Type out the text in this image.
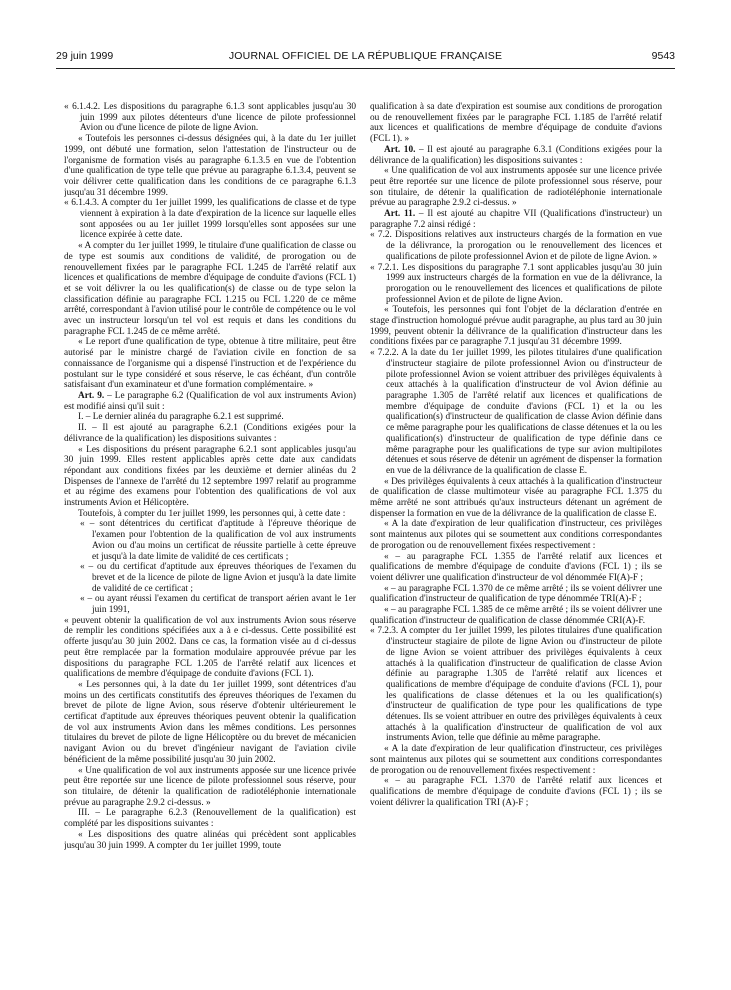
29 juin 1999	JOURNAL OFFICIEL DE LA RÉPUBLIQUE FRANÇAISE	9543

« 6.1.4.2. Les dispositions du paragraphe 6.1.3 sont applicables jusqu'au 30 juin 1999 aux pilotes détenteurs d'une licence de pilote professionnel Avion ou d'une licence de pilote de ligne Avion.

« Toutefois les personnes ci-dessus désignées qui, à la date du 1er juillet 1999, ont débuté une formation, selon l'attestation de l'instructeur ou de l'organisme de formation visés au paragraphe 6.1.3.5 en vue de l'obtention d'une qualification de type telle que prévue au paragraphe 6.1.3.4, peuvent se voir délivrer cette qualification dans les conditions de ce paragraphe 6.1.3 jusqu'au 31 décembre 1999.

« 6.1.4.3. A compter du 1er juillet 1999, les qualifications de classe et de type viennent à expiration à la date d'expiration de la licence sur laquelle elles sont apposées ou au 1er juillet 1999 lorsqu'elles sont apposées sur une licence expirée à cette date.

« A compter du 1er juillet 1999, le titulaire d'une qualification de classe ou de type est soumis aux conditions de validité, de prorogation ou de renouvellement fixées par le paragraphe FCL 1.245 de l'arrêté relatif aux licences et qualifications de membre d'équipage de conduite d'avions (FCL 1) et se voit délivrer la ou les qualification(s) de classe ou de type selon la classification définie au paragraphe FCL 1.215 ou FCL 1.220 de ce même arrêté, correspondant à l'avion utilisé pour le contrôle de compétence ou le vol avec un instructeur lorsqu'un tel vol est requis et dans les conditions du paragraphe FCL 1.245 de ce même arrêté.

« Le report d'une qualification de type, obtenue à titre militaire, peut être autorisé par le ministre chargé de l'aviation civile en fonction de sa connaissance de l'organisme qui a dispensé l'instruction et de l'expérience du postulant sur le type considéré et sous réserve, le cas échéant, d'un contrôle satisfaisant d'un examinateur et d'une formation complémentaire. »

Art. 9. – Le paragraphe 6.2 (Qualification de vol aux instruments Avion) est modifié ainsi qu'il suit :

I. – Le dernier alinéa du paragraphe 6.2.1 est supprimé.

II. – Il est ajouté au paragraphe 6.2.1 (Conditions exigées pour la délivrance de la qualification) les dispositions suivantes :

« Les dispositions du présent paragraphe 6.2.1 sont applicables jusqu'au 30 juin 1999. Elles restent applicables après cette date aux candidats répondant aux conditions fixées par les deuxième et dernier alinéas du 2 Dispenses de l'annexe de l'arrêté du 12 septembre 1997 relatif au programme et au régime des examens pour l'obtention des qualifications de vol aux instruments Avion et Hélicoptère.

Toutefois, à compter du 1er juillet 1999, les personnes qui, à cette date :

« – sont détentrices du certificat d'aptitude à l'épreuve théorique de l'examen pour l'obtention de la qualification de vol aux instruments Avion ou d'au moins un certificat de réussite partielle à cette épreuve et jusqu'à la date limite de validité de ces certificats ;

« – ou du certificat d'aptitude aux épreuves théoriques de l'examen du brevet et de la licence de pilote de ligne Avion et jusqu'à la date limite de validité de ce certificat ;

« – ou ayant réussi l'examen du certificat de transport aérien avant le 1er juin 1991,

« peuvent obtenir la qualification de vol aux instruments Avion sous réserve de remplir les conditions spécifiées aux a à e ci-dessus. Cette possibilité est offerte jusqu'au 30 juin 2002. Dans ce cas, la formation visée au d ci-dessus peut être remplacée par la formation modulaire approuvée prévue par les dispositions du paragraphe FCL 1.205 de l'arrêté relatif aux licences et qualifications de membre d'équipage de conduite d'avions (FCL 1).

« Les personnes qui, à la date du 1er juillet 1999, sont détentrices d'au moins un des certificats constitutifs des épreuves théoriques de l'examen du brevet de pilote de ligne Avion, sous réserve d'obtenir ultérieurement le certificat d'aptitude aux épreuves théoriques peuvent obtenir la qualification de vol aux instruments Avion dans les mêmes conditions. Les personnes titulaires du brevet de pilote de ligne Hélicoptère ou du brevet de mécanicien navigant Avion ou du brevet d'ingénieur navigant de l'aviation civile bénéficient de la même possibilité jusqu'au 30 juin 2002.

« Une qualification de vol aux instruments apposée sur une licence privée peut être reportée sur une licence de pilote professionnel sous réserve, pour son titulaire, de détenir la qualification de radiotéléphonie internationale prévue au paragraphe 2.9.2 ci-dessus. »

III. – Le paragraphe 6.2.3 (Renouvellement de la qualification) est complété par les dispositions suivantes :

« Les dispositions des quatre alinéas qui précèdent sont applicables jusqu'au 30 juin 1999. A compter du 1er juillet 1999, toute

qualification à sa date d'expiration est soumise aux conditions de prorogation ou de renouvellement fixées par le paragraphe FCL 1.185 de l'arrêté relatif aux licences et qualifications de membre d'équipage de conduite d'avions (FCL 1). »

Art. 10. – Il est ajouté au paragraphe 6.3.1 (Conditions exigées pour la délivrance de la qualification) les dispositions suivantes :

« Une qualification de vol aux instruments apposée sur une licence privée peut être reportée sur une licence de pilote professionnel sous réserve, pour son titulaire, de détenir la qualification de radiotéléphonie internationale prévue au paragraphe 2.9.2 ci-dessus. »

Art. 11. – Il est ajouté au chapitre VII (Qualifications d'instructeur) un paragraphe 7.2 ainsi rédigé :

« 7.2. Dispositions relatives aux instructeurs chargés de la formation en vue de la délivrance, la prorogation ou le renouvellement des licences et qualifications de pilote professionnel Avion et de pilote de ligne Avion. »

« 7.2.1. Les dispositions du paragraphe 7.1 sont applicables jusqu'au 30 juin 1999 aux instructeurs chargés de la formation en vue de la délivrance, la prorogation ou le renouvellement des licences et qualifications de pilote professionnel Avion et de pilote de ligne Avion.

« Toutefois, les personnes qui font l'objet de la déclaration d'entrée en stage d'instruction homologué prévue audit paragraphe, au plus tard au 30 juin 1999, peuvent obtenir la délivrance de la qualification d'instructeur dans les conditions fixées par ce paragraphe 7.1 jusqu'au 31 décembre 1999.

« 7.2.2. A la date du 1er juillet 1999, les pilotes titulaires d'une qualification d'instructeur stagiaire de pilote professionnel Avion ou d'instructeur de pilote professionnel Avion se voient attribuer des privilèges équivalents à ceux attachés à la qualification d'instructeur de vol Avion définie au paragraphe 1.305 de l'arrêté relatif aux licences et qualifications de membre d'équipage de conduite d'avions (FCL 1) et la ou les qualification(s) d'instructeur de qualification de classe Avion définie dans ce même paragraphe pour les qualifications de classe détenues et la ou les qualification(s) d'instructeur de qualification de type définie dans ce même paragraphe pour les qualifications de type sur avion multipilotes détenues et sous réserve de détenir un agrément de dispenser la formation en vue de la délivrance de la qualification de classe E.

« Des privilèges équivalents à ceux attachés à la qualification d'instructeur de qualification de classe multimoteur visée au paragraphe FCL 1.375 du même arrêté ne sont attribués qu'aux instructeurs détenant un agrément de dispenser la formation en vue de la délivrance de la qualification de classe E.

« A la date d'expiration de leur qualification d'instructeur, ces privilèges sont maintenus aux pilotes qui se soumettent aux conditions correspondantes de prorogation ou de renouvellement fixées respectivement :

« – au paragraphe FCL 1.355 de l'arrêté relatif aux licences et qualifications de membre d'équipage de conduite d'avions (FCL 1) ; ils se voient délivrer une qualification d'instructeur de vol dénommée FI(A)-F ;

« – au paragraphe FCL 1.370 de ce même arrêté ; ils se voient délivrer une qualification d'instructeur de qualification de type dénommée TRI(A)-F ;

« – au paragraphe FCL 1.385 de ce même arrêté ; ils se voient délivrer une qualification d'instructeur de qualification de classe dénommée CRI(A)-F.

« 7.2.3. A compter du 1er juillet 1999, les pilotes titulaires d'une qualification d'instructeur stagiaire de pilote de ligne Avion ou d'instructeur de pilote de ligne Avion se voient attribuer des privilèges équivalents à ceux attachés à la qualification d'instructeur de qualification de classe Avion définie au paragraphe 1.305 de l'arrêté relatif aux licences et qualifications de membre d'équipage de conduite d'avions (FCL 1), pour les qualifications de classe détenues et la ou les qualification(s) d'instructeur de qualification de type pour les qualifications de type détenues. Ils se voient attribuer en outre des privilèges équivalents à ceux attachés à la qualification d'instructeur de qualification de vol aux instruments Avion, telle que définie au même paragraphe.

« A la date d'expiration de leur qualification d'instructeur, ces privilèges sont maintenus aux pilotes qui se soumettent aux conditions correspondantes de prorogation ou de renouvellement fixées respectivement :

« – au paragraphe FCL 1.370 de l'arrêté relatif aux licences et qualifications de membre d'équipage de conduite d'avions (FCL 1) ; ils se voient délivrer la qualification TRI (A)-F ;
